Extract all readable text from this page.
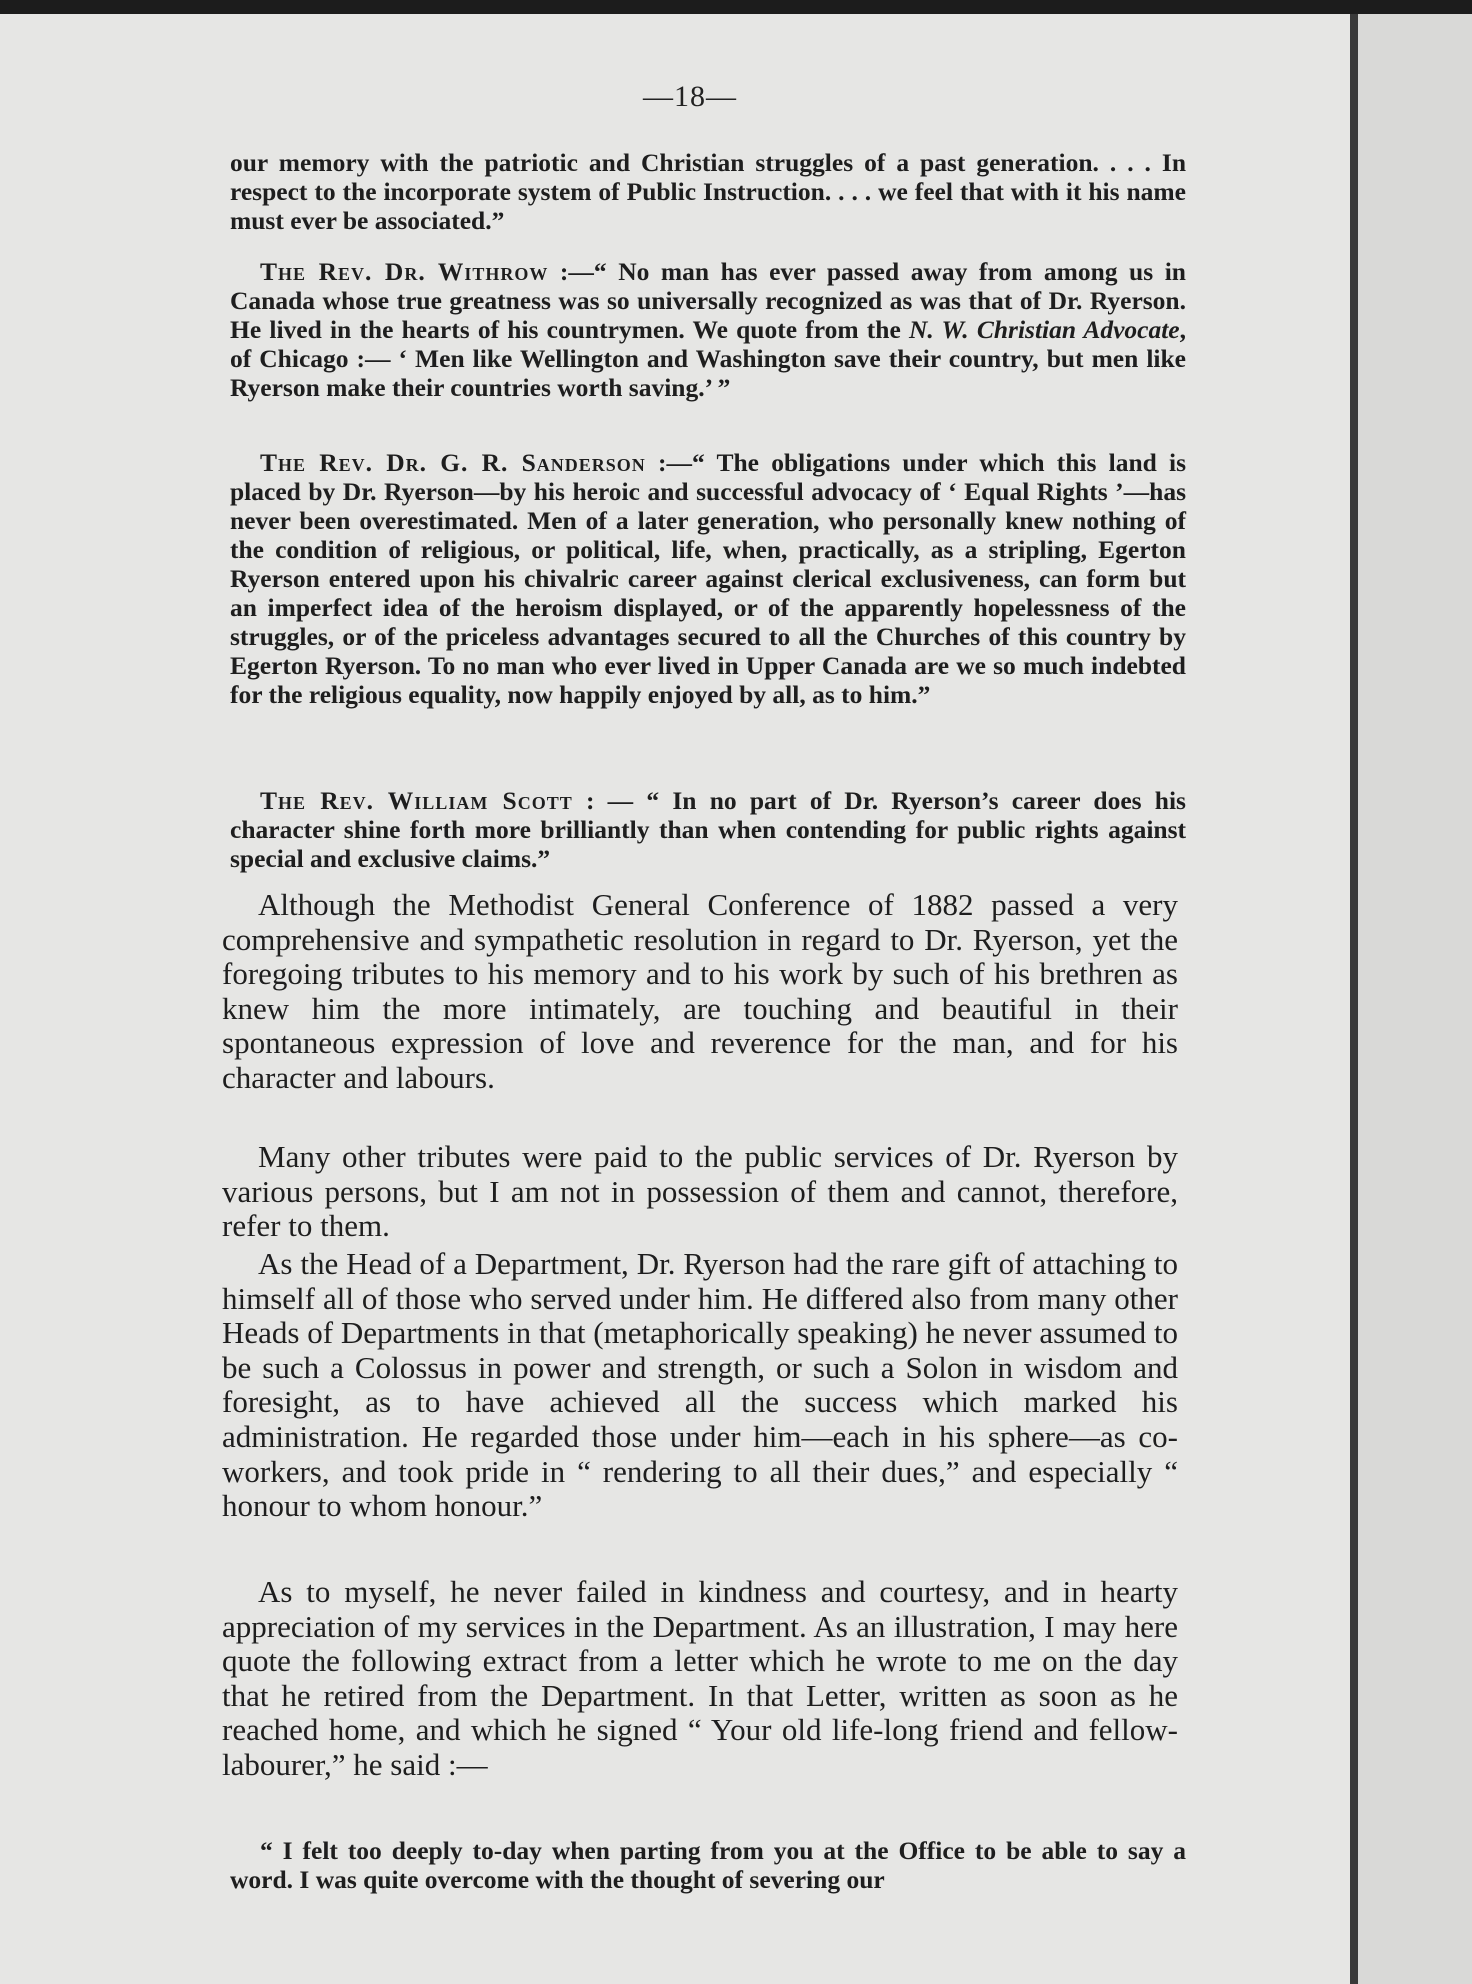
—18—
our memory with the patriotic and Christian struggles of a past generation. . . . In respect to the incorporate system of Public Instruction. . . . we feel that with it his name must ever be associated.”
The Rev. Dr. Withrow :—“ No man has ever passed away from among us in Canada whose true greatness was so universally recognized as was that of Dr. Ryerson. He lived in the hearts of his countrymen. We quote from the N. W. Christian Advocate, of Chicago :— ‘ Men like Wellington and Washington save their country, but men like Ryerson make their countries worth saving.’ ”
The Rev. Dr. G. R. Sanderson :—“ The obligations under which this land is placed by Dr. Ryerson—by his heroic and successful advocacy of ‘ Equal Rights ’—has never been overestimated. Men of a later generation, who personally knew nothing of the condition of religious, or political, life, when, practically, as a stripling, Egerton Ryerson entered upon his chivalric career against clerical exclusiveness, can form but an imperfect idea of the heroism displayed, or of the apparently hopelessness of the struggles, or of the priceless advantages secured to all the Churches of this country by Egerton Ryerson. To no man who ever lived in Upper Canada are we so much indebted for the religious equality, now happily enjoyed by all, as to him.”
The Rev. William Scott : — “ In no part of Dr. Ryerson’s career does his character shine forth more brilliantly than when contending for public rights against special and exclusive claims.”
Although the Methodist General Conference of 1882 passed a very comprehensive and sympathetic resolution in regard to Dr. Ryerson, yet the foregoing tributes to his memory and to his work by such of his brethren as knew him the more intimately, are touching and beautiful in their spontaneous expression of love and reverence for the man, and for his character and labours.
Many other tributes were paid to the public services of Dr. Ryerson by various persons, but I am not in possession of them and cannot, therefore, refer to them.
As the Head of a Department, Dr. Ryerson had the rare gift of attaching to himself all of those who served under him. He differed also from many other Heads of Departments in that (metaphorically speaking) he never assumed to be such a Colossus in power and strength, or such a Solon in wisdom and foresight, as to have achieved all the success which marked his administration. He regarded those under him—each in his sphere—as co-workers, and took pride in “ rendering to all their dues,” and especially “ honour to whom honour.”
As to myself, he never failed in kindness and courtesy, and in hearty appreciation of my services in the Department. As an illustration, I may here quote the following extract from a letter which he wrote to me on the day that he retired from the Department. In that Letter, written as soon as he reached home, and which he signed “ Your old life-long friend and fellow-labourer,” he said :—
“ I felt too deeply to-day when parting from you at the Office to be able to say a word. I was quite overcome with the thought of severing our
